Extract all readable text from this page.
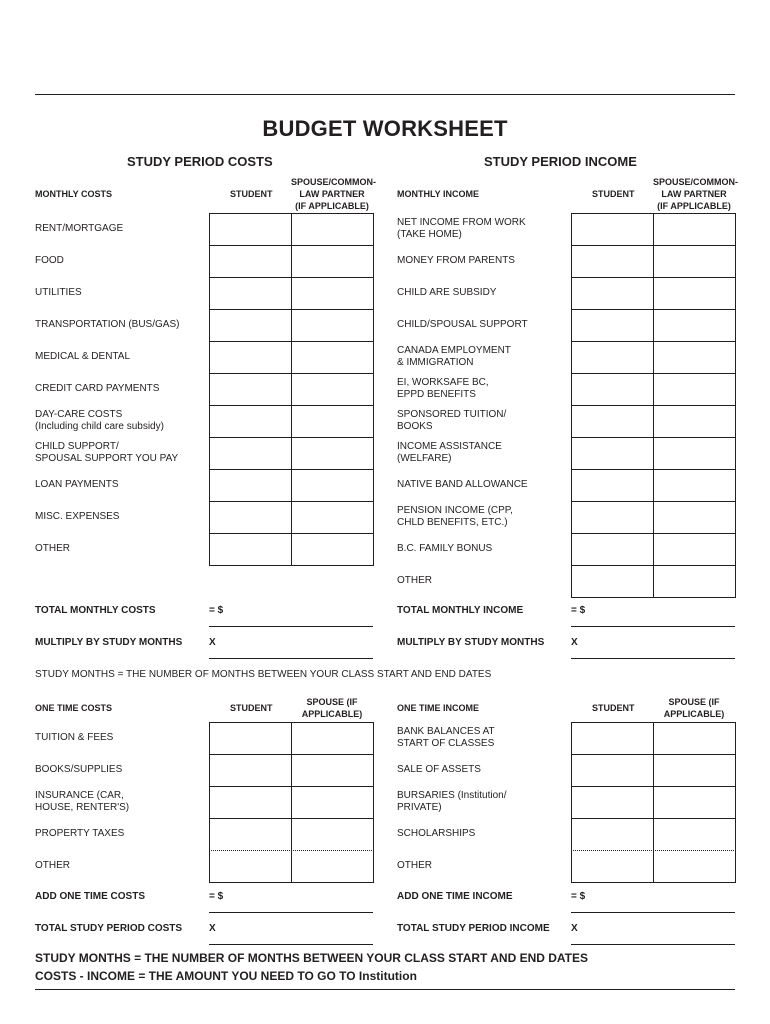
BUDGET WORKSHEET
STUDY PERIOD COSTS	STUDY PERIOD INCOME
MONTHLY COSTS	STUDENT
SPOUSE/COMMON-
LAW PARTNER
(IF APPLICABLE)
RENT/MORTGAGE
FOOD
UTILITIES
TRANSPORTATION (BUS/GAS)
MEDICAL & DENTAL
CREDIT CARD PAYMENTS
DAY-CARE COSTS
(Including child care subsidy)
CHILD SUPPORT/
SPOUSAL SUPPORT YOU PAY
LOAN PAYMENTS
MISC. EXPENSES
OTHER
TOTAL MONTHLY COSTS	= $
MULTIPLY BY STUDY MONTHS	X
ONE TIME COSTS	STUDENT
SPOUSE (IF
APPLICABLE)
TUITION & FEES
BOOKS/SUPPLIES
INSURANCE (CAR,
HOUSE, RENTER'S)
PROPERTY TAXES
OTHER
ADD ONE TIME COSTS	= $
TOTAL STUDY PERIOD COSTS	X
MONTHLY INCOME	STUDENT
SPOUSE/COMMON-
LAW PARTNER
(IF APPLICABLE)
NET INCOME FROM WORK
(TAKE HOME)
MONEY FROM PARENTS
CHILD ARE SUBSIDY
CHILD/SPOUSAL SUPPORT
CANADA EMPLOYMENT
& IMMIGRATION
EI, WORKSAFE BC,
EPPD BENEFITS
SPONSORED TUITION/
BOOKS
INCOME ASSISTANCE
(WELFARE)
NATIVE BAND ALLOWANCE
PENSION INCOME (CPP,
CHLD BENEFITS, ETC.)
B.C. FAMILY BONUS
OTHER
TOTAL MONTHLY INCOME	= $
MULTIPLY BY STUDY MONTHS	X
ONE TIME INCOME	STUDENT
SPOUSE (IF
APPLICABLE)
BANK BALANCES AT
START OF CLASSES
SALE OF ASSETS
BURSARIES (Institution/
PRIVATE)
SCHOLARSHIPS
OTHER
ADD ONE TIME INCOME	= $
TOTAL STUDY PERIOD INCOME X
STUDY MONTHS = THE NUMBER OF MONTHS BETWEEN YOUR CLASS START AND END DATES
STUDY MONTHS = THE NUMBER OF MONTHS BETWEEN YOUR CLASS START AND END DATES
COSTS - INCOME = THE AMOUNT YOU NEED TO GO TO Institution
